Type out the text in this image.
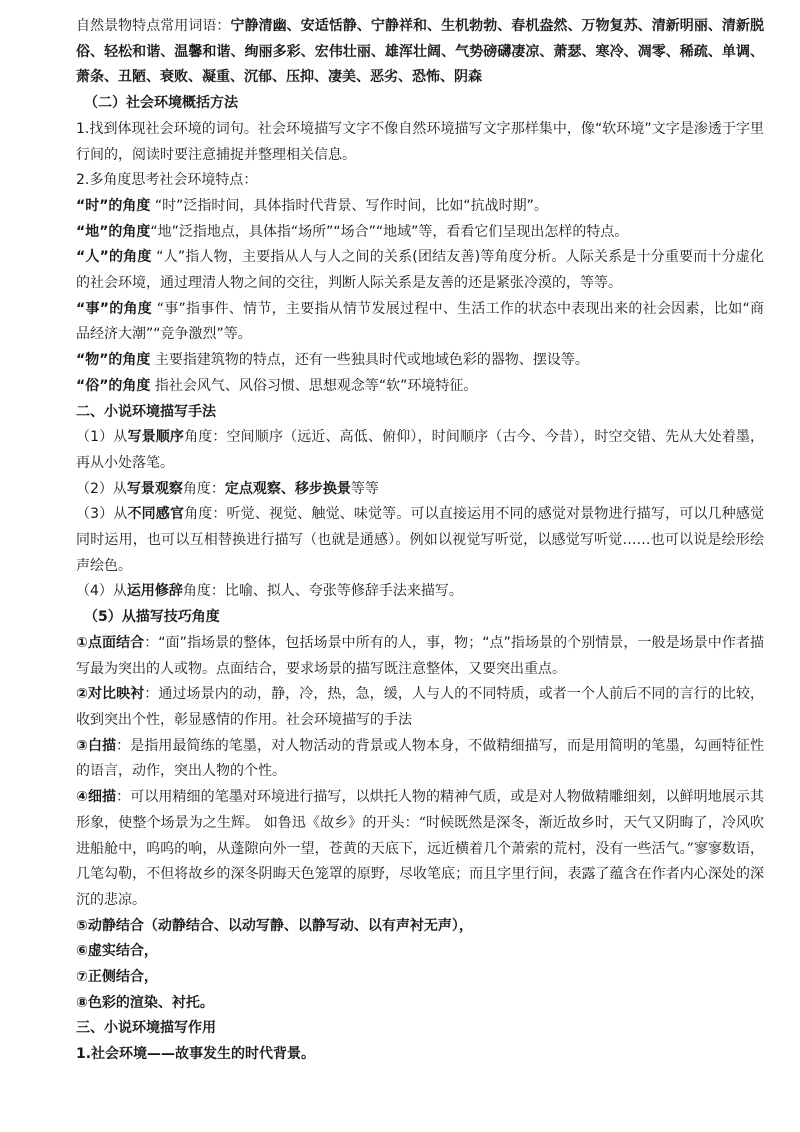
自然景物特点常用词语：宁静清幽、安适恬静、宁静祥和、生机勃勃、春机盎然、万物复苏、清新明丽、清新脱俗、轻松和谐、温馨和谐、绚丽多彩、宏伟壮丽、雄浑壮阔、气势磅礴凄凉、萧瑟、寒冷、凋零、稀疏、单调、萧条、丑陋、衰败、凝重、沉郁、压抑、凄美、恶劣、恐怖、阴森

（二）社会环境概括方法

1.找到体现社会环境的词句。社会环境描写文字不像自然环境描写文字那样集中，像“软环境”文字是渗透于字里行间的，阅读时要注意捕捉并整理相关信息。

2.多角度思考社会环境特点：

“时”的角度 “时”泛指时间，具体指时代背景、写作时间，比如“抗战时期”。

“地”的角度“地”泛指地点，具体指“场所”“场合”“地域”等，看看它们呈现出怎样的特点。

“人”的角度 “人”指人物，主要指从人与人之间的关系(团结友善)等角度分析。人际关系是十分重要而十分虚化的社会环境，通过理清人物之间的交往，判断人际关系是友善的还是紧张冷漠的，等等。

“事”的角度 “事”指事件、情节，主要指从情节发展过程中、生活工作的状态中表现出来的社会因素，比如“商品经济大潮”“竞争激烈”等。

“物”的角度 主要指建筑物的特点，还有一些独具时代或地域色彩的器物、摆设等。

“俗”的角度 指社会风气、风俗习惯、思想观念等“软”环境特征。

二、小说环境描写手法

（1）从写景顺序角度：空间顺序（远近、高低、俯仰），时间顺序（古今、今昔），时空交错、先从大处着墨，再从小处落笔。

（2）从写景观察角度：定点观察、移步换景等等

（3）从不同感官角度：听觉、视觉、触觉、味觉等。可以直接运用不同的感觉对景物进行描写，可以几种感觉同时运用，也可以互相替换进行描写（也就是通感）。例如以视觉写听觉，以感觉写听觉……也可以说是绘形绘声绘色。

（4）从运用修辞角度：比喻、拟人、夸张等修辞手法来描写。

（5）从描写技巧角度

①点面结合：“面”指场景的整体，包括场景中所有的人，事，物；“点”指场景的个别情景，一般是场景中作者描写最为突出的人或物。点面结合，要求场景的描写既注意整体，又要突出重点。

②对比映衬：通过场景内的动，静，冷，热，急，缓，人与人的不同特质，或者一个人前后不同的言行的比较，收到突出个性，彰显感情的作用。社会环境描写的手法

③白描：是指用最简练的笔墨，对人物活动的背景或人物本身，不做精细描写，而是用简明的笔墨，勾画特征性的语言，动作，突出人物的个性。

④细描：可以用精细的笔墨对环境进行描写，以烘托人物的精神气质，或是对人物做精雕细刻，以鲜明地展示其形象，使整个场景为之生辉。 如鲁迅《故乡》的开头：“时候既然是深冬，渐近故乡时，天气又阴晦了，冷风吹进船舱中，呜呜的响，从蓬隙向外一望，苍黄的天底下，远近横着几个萧索的荒村，没有一些活气。”寥寥数语，几笔勾勒，不但将故乡的深冬阴晦天色笼罩的原野，尽收笔底；而且字里行间，表露了蕴含在作者内心深处的深沉的悲凉。

⑤动静结合（动静结合、以动写静、以静写动、以有声衬无声），

⑥虚实结合，

⑦正侧结合，

⑧色彩的渲染、衬托。

三、小说环境描写作用

1.社会环境——故事发生的时代背景。
